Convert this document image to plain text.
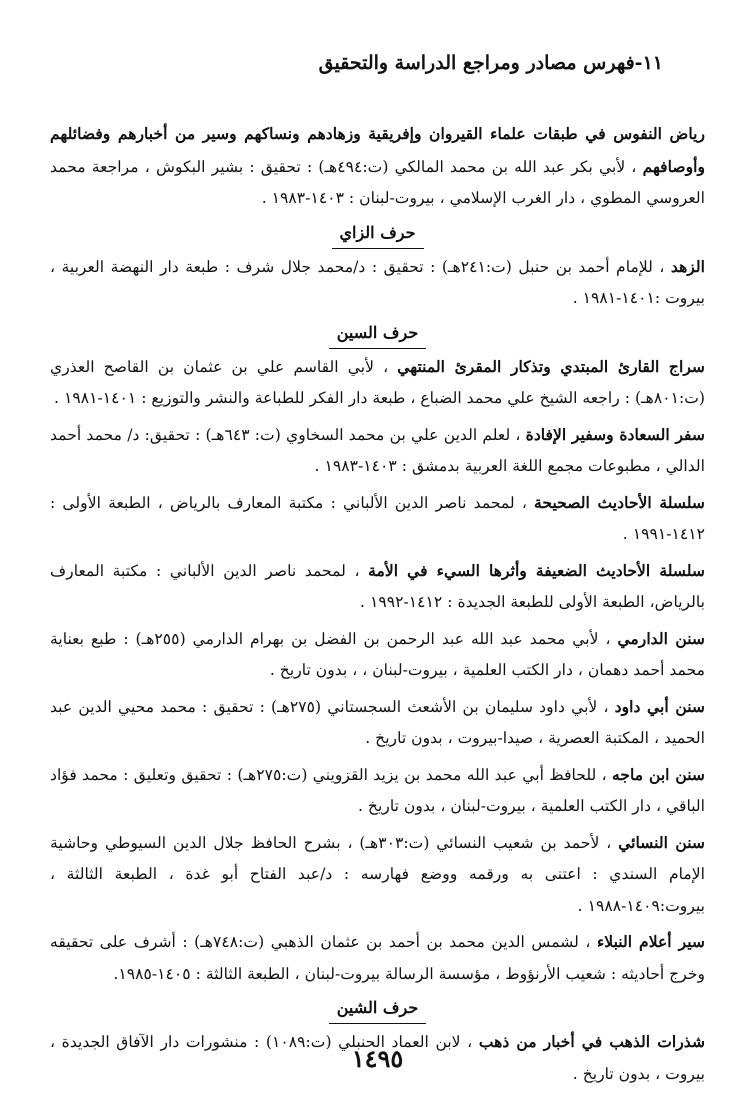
١١-فهرس مصادر ومراجع الدراسة والتحقيق

رياض النفوس في طبقات علماء القيروان وإفريقية وزهادهم ونساكهم وسير من أخبارهم وفضائلهم وأوصافهم ، لأبي بكر عبد الله بن محمد المالكي (ت:٤٩٤هـ) : تحقيق : بشير البكوش ، مراجعة محمد العروسي المطوي ، دار الغرب الإسلامي ، بيروت-لبنان : ١٤٠٣-١٩٨٣ .

حرف الزاي

الزهد ، للإمام أحمد بن حنبل (ت:٢٤١هـ) : تحقيق : د/محمد جلال شرف : طبعة دار النهضة العربية ، بيروت :١٤٠١-١٩٨١ .

حرف السين

سراج القارئ المبتدي وتذكار المقرئ المنتهي ، لأبي القاسم علي بن عثمان بن القاصح العذري (ت:٨٠١هـ) : راجعه الشيخ علي محمد الضباع ، طبعة دار الفكر للطباعة والنشر والتوزيع : ١٤٠١-١٩٨١ .

سفر السعادة وسفير الإفادة ، لعلم الدين علي بن محمد السخاوي (ت: ٦٤٣هـ) : تحقيق: د/ محمد أحمد الدالي ، مطبوعات مجمع اللغة العربية بدمشق : ١٤٠٣-١٩٨٣ .

سلسلة الأحاديث الصحيحة ، لمحمد ناصر الدين الألباني : مكتبة المعارف بالرياض ، الطبعة الأولى : ١٤١٢-١٩٩١ .

سلسلة الأحاديث الضعيفة وأثرها السيء في الأمة ، لمحمد ناصر الدين الألباني : مكتبة المعارف بالرياض، الطبعة الأولى للطبعة الجديدة : ١٤١٢-١٩٩٢ .

سنن الدارمي ، لأبي محمد عبد الله عبد الرحمن بن الفضل بن بهرام الدارمي (٢٥٥هـ) : طبع بعناية محمد أحمد دهمان ، دار الكتب العلمية ، بيروت-لبنان ، ، بدون تاريخ .

سنن أبي داود ، لأبي داود سليمان بن الأشعث السجستاني (٢٧٥هـ) : تحقيق : محمد محيي الدين عبد الحميد ، المكتبة العصرية ، صيدا-بيروت ، بدون تاريخ .

سنن ابن ماجه ، للحافظ أبي عبد الله محمد بن يزيد القزويني (ت:٢٧٥هـ) : تحقيق وتعليق : محمد فؤاد الباقي ، دار الكتب العلمية ، بيروت-لبنان ، بدون تاريخ .

سنن النسائي ، لأحمد بن شعيب النسائي (ت:٣٠٣هـ) ، بشرح الحافظ جلال الدين السيوطي وحاشية الإمام السندي : اعتنى به ورقمه ووضع فهارسه : د/عبد الفتاح أبو غدة ، الطبعة الثالثة ، بيروت:١٤٠٩-١٩٨٨ .

سير أعلام النبلاء ، لشمس الدين محمد بن أحمد بن عثمان الذهبي (ت:٧٤٨هـ) : أشرف على تحقيقه وخرج أحاديثه : شعيب الأرنؤوط ، مؤسسة الرسالة بيروت-لبنان ، الطبعة الثالثة : ١٤٠٥-١٩٨٥.

حرف الشين

شذرات الذهب في أخبار من ذهب ، لابن العماد الحنبلي (ت:١٠٨٩) : منشورات دار الآفاق الجديدة ، بيروت ، بدون تاريخ .

١٤٩٥
